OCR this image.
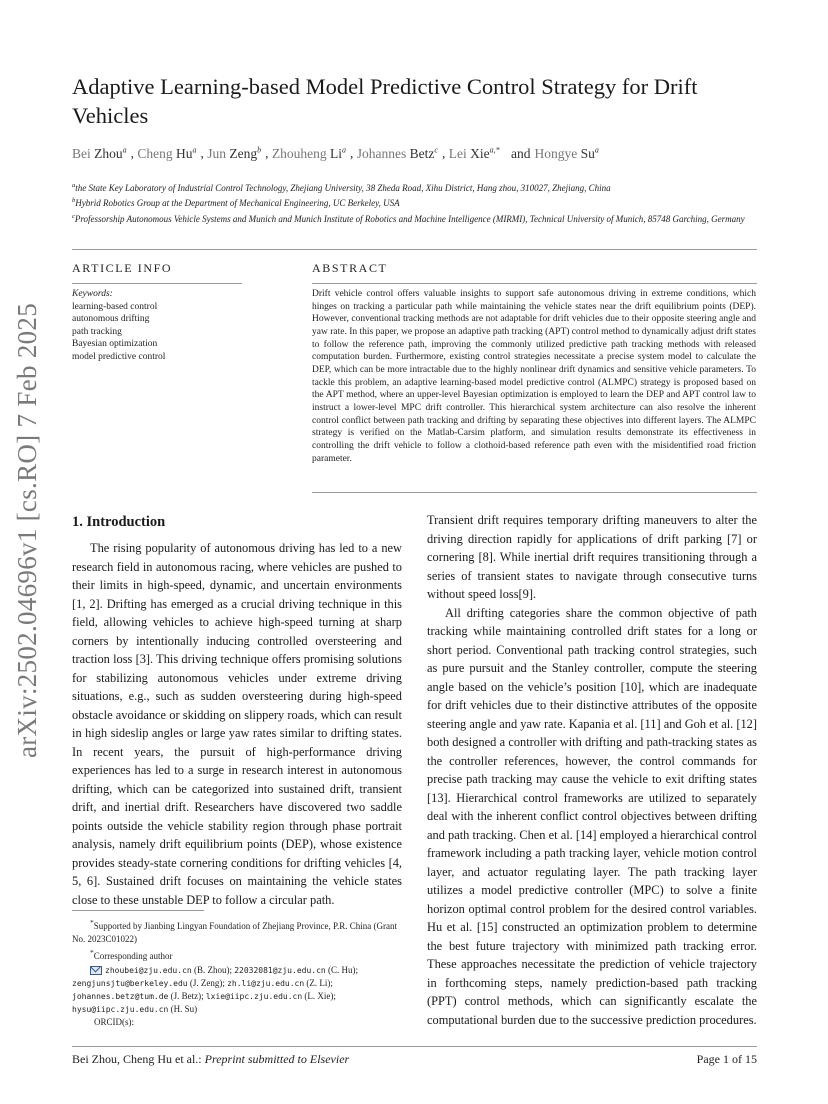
arXiv:2502.04696v1 [cs.RO] 7 Feb 2025
Adaptive Learning-based Model Predictive Control Strategy for Drift Vehicles
Bei Zhou$^a$ , Cheng Hu$^a$ , Jun Zeng$^b$ , Zhouheng Li$^a$ , Johannes Betz$^c$ , Lei Xie$^{a,*}$ and Hongye Su$^a$
$^a$the State Key Laboratory of Industrial Control Technology, Zhejiang University, 38 Zheda Road, Xihu District, Hang zhou, 310027, Zhejiang, China
$^b$Hybrid Robotics Group at the Department of Mechanical Engineering, UC Berkeley, USA
$^c$Professorship Autonomous Vehicle Systems and Munich and Munich Institute of Robotics and Machine Intelligence (MIRMI), Technical University of Munich, 85748 Garching, Germany
ARTICLE INFO
Keywords:
learning-based control
autonomous drifting
path tracking
Bayesian optimization
model predictive control
ABSTRACT
Drift vehicle control offers valuable insights to support safe autonomous driving in extreme conditions, which hinges on tracking a particular path while maintaining the vehicle states near the drift equilibrium points (DEP). However, conventional tracking methods are not adaptable for drift vehicles due to their opposite steering angle and yaw rate. In this paper, we propose an adaptive path tracking (APT) control method to dynamically adjust drift states to follow the reference path, improving the commonly utilized predictive path tracking methods with released computation burden. Furthermore, existing control strategies necessitate a precise system model to calculate the DEP, which can be more intractable due to the highly nonlinear drift dynamics and sensitive vehicle parameters. To tackle this problem, an adaptive learning-based model predictive control (ALMPC) strategy is proposed based on the APT method, where an upper-level Bayesian optimization is employed to learn the DEP and APT control law to instruct a lower-level MPC drift controller. This hierarchical system architecture can also resolve the inherent control conflict between path tracking and drifting by separating these objectives into different layers. The ALMPC strategy is verified on the Matlab-Carsim platform, and simulation results demonstrate its effectiveness in controlling the drift vehicle to follow a clothoid-based reference path even with the misidentified road friction parameter.
1. Introduction

The rising popularity of autonomous driving has led to a new research field in autonomous racing, where vehicles are pushed to their limits in high-speed, dynamic, and uncertain environments [1, 2]. Drifting has emerged as a crucial driving technique in this field, allowing vehicles to achieve high-speed turning at sharp corners by intentionally inducing controlled oversteering and traction loss [3]. This driving technique offers promising solutions for stabilizing autonomous vehicles under extreme driving situations, e.g., such as sudden oversteering during high-speed obstacle avoidance or skidding on slippery roads, which can result in high sideslip angles or large yaw rates similar to drifting states. In recent years, the pursuit of high-performance driving experiences has led to a surge in research interest in autonomous drifting, which can be categorized into sustained drift, transient drift, and inertial drift. Researchers have discovered two saddle points outside the vehicle stability region through phase portrait analysis, namely drift equilibrium points (DEP), whose existence provides steady-state cornering conditions for drifting vehicles [4, 5, 6]. Sustained drift focuses on maintaining the vehicle states close to these unstable DEP to follow a circular path.

Transient drift requires temporary drifting maneuvers to alter the driving direction rapidly for applications of drift parking [7] or cornering [8]. While inertial drift requires transitioning through a series of transient states to navigate through consecutive turns without speed loss[9].

All drifting categories share the common objective of path tracking while maintaining controlled drift states for a long or short period. Conventional path tracking control strategies, such as pure pursuit and the Stanley controller, compute the steering angle based on the vehicle’s position [10], which are inadequate for drift vehicles due to their distinctive attributes of the opposite steering angle and yaw rate. Kapania et al. [11] and Goh et al. [12] both designed a controller with drifting and path-tracking states as the controller references, however, the control commands for precise path tracking may cause the vehicle to exit drifting states [13]. Hierarchical control frameworks are utilized to separately deal with the inherent conflict control objectives between drifting and path tracking. Chen et al. [14] employed a hierarchical control framework including a path tracking layer, vehicle motion control layer, and actuator regulating layer. The path tracking layer utilizes a model predictive controller (MPC) to solve a finite horizon optimal control problem for the desired control variables. Hu et al. [15] constructed an optimization problem to determine the best future trajectory with minimized path tracking error. These approaches necessitate the prediction of vehicle trajectory in forthcoming steps, namely prediction-based path tracking (PPT) control methods, which can significantly escalate the computational burden due to the successive prediction procedures.

*Supported by Jianbing Lingyan Foundation of Zhejiang Province, P.R. China (Grant No. 2023C01022)
*Corresponding author
zhoubei@zju.edu.cn (B. Zhou); 22032081@zju.edu.cn (C. Hu);
zengjunsjtu@berkeley.edu (J. Zeng); zh.li@zju.edu.cn (Z. Li);
johannes.betz@tum.de (J. Betz); lxie@iipc.zju.edu.cn (L. Xie);
hysu@iipc.zju.edu.cn (H. Su)
ORCID(s):
Bei Zhou, Cheng Hu et al.: Preprint submitted to Elsevier	Page 1 of 15
